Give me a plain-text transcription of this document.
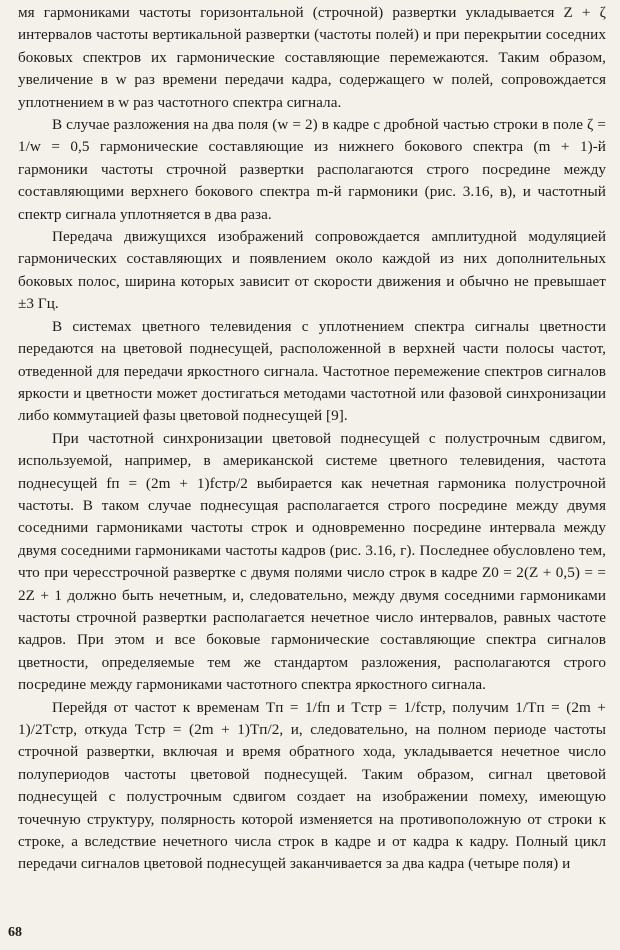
мя гармониками частоты горизонтальной (строчной) развертки укладывается Z + ζ интервалов частоты вертикальной развертки (частоты полей) и при перекрытии соседних боковых спектров их гармонические составляющие перемежаются. Таким образом, увеличение в w раз времени передачи кадра, содержащего w полей, сопровождается уплотнением в w раз частотного спектра сигнала.

В случае разложения на два поля (w = 2) в кадре с дробной частью строки в поле ζ = 1/w = 0,5 гармонические составляющие из нижнего бокового спектра (m + 1)-й гармоники частоты строчной развертки располагаются строго посредине между составляющими верхнего бокового спектра m-й гармоники (рис. 3.16, в), и частотный спектр сигнала уплотняется в два раза.

Передача движущихся изображений сопровождается амплитудной модуляцией гармонических составляющих и появлением около каждой из них дополнительных боковых полос, ширина которых зависит от скорости движения и обычно не превышает ±3 Гц.

В системах цветного телевидения с уплотнением спектра сигналы цветности передаются на цветовой поднесущей, расположенной в верхней части полосы частот, отведенной для передачи яркостного сигнала. Частотное перемежение спектров сигналов яркости и цветности может достигаться методами частотной или фазовой синхронизации либо коммутацией фазы цветовой поднесущей [9].

При частотной синхронизации цветовой поднесущей с полустрочным сдвигом, используемой, например, в американской системе цветного телевидения, частота поднесущей fп = (2m + 1)fстр/2 выбирается как нечетная гармоника полустрочной частоты. В таком случае поднесущая располагается строго посредине между двумя соседними гармониками частоты строк и одновременно посредине интервала между двумя соседними гармониками частоты кадров (рис. 3.16, г). Последнее обусловлено тем, что при чересстрочной развертке с двумя полями число строк в кадре Z0 = 2(Z + 0,5) = = 2Z + 1 должно быть нечетным, и, следовательно, между двумя соседними гармониками частоты строчной развертки располагается нечетное число интервалов, равных частоте кадров. При этом и все боковые гармонические составляющие спектра сигналов цветности, определяемые тем же стандартом разложения, располагаются строго посредине между гармониками частотного спектра яркостного сигнала.

Перейдя от частот к временам Tп = 1/fп и Tстр = 1/fстр, получим 1/Tп = (2m + 1)/2Tстр, откуда Tстр = (2m + 1)Tп/2, и, следовательно, на полном периоде частоты строчной развертки, включая и время обратного хода, укладывается нечетное число полупериодов частоты цветовой поднесущей. Таким образом, сигнал цветовой поднесущей с полустрочным сдвигом создает на изображении помеху, имеющую точечную структуру, полярность которой изменяется на противоположную от строки к строке, а вследствие нечетного числа строк в кадре и от кадра к кадру. Полный цикл передачи сигналов цветовой поднесущей заканчивается за два кадра (четыре поля) и

68
